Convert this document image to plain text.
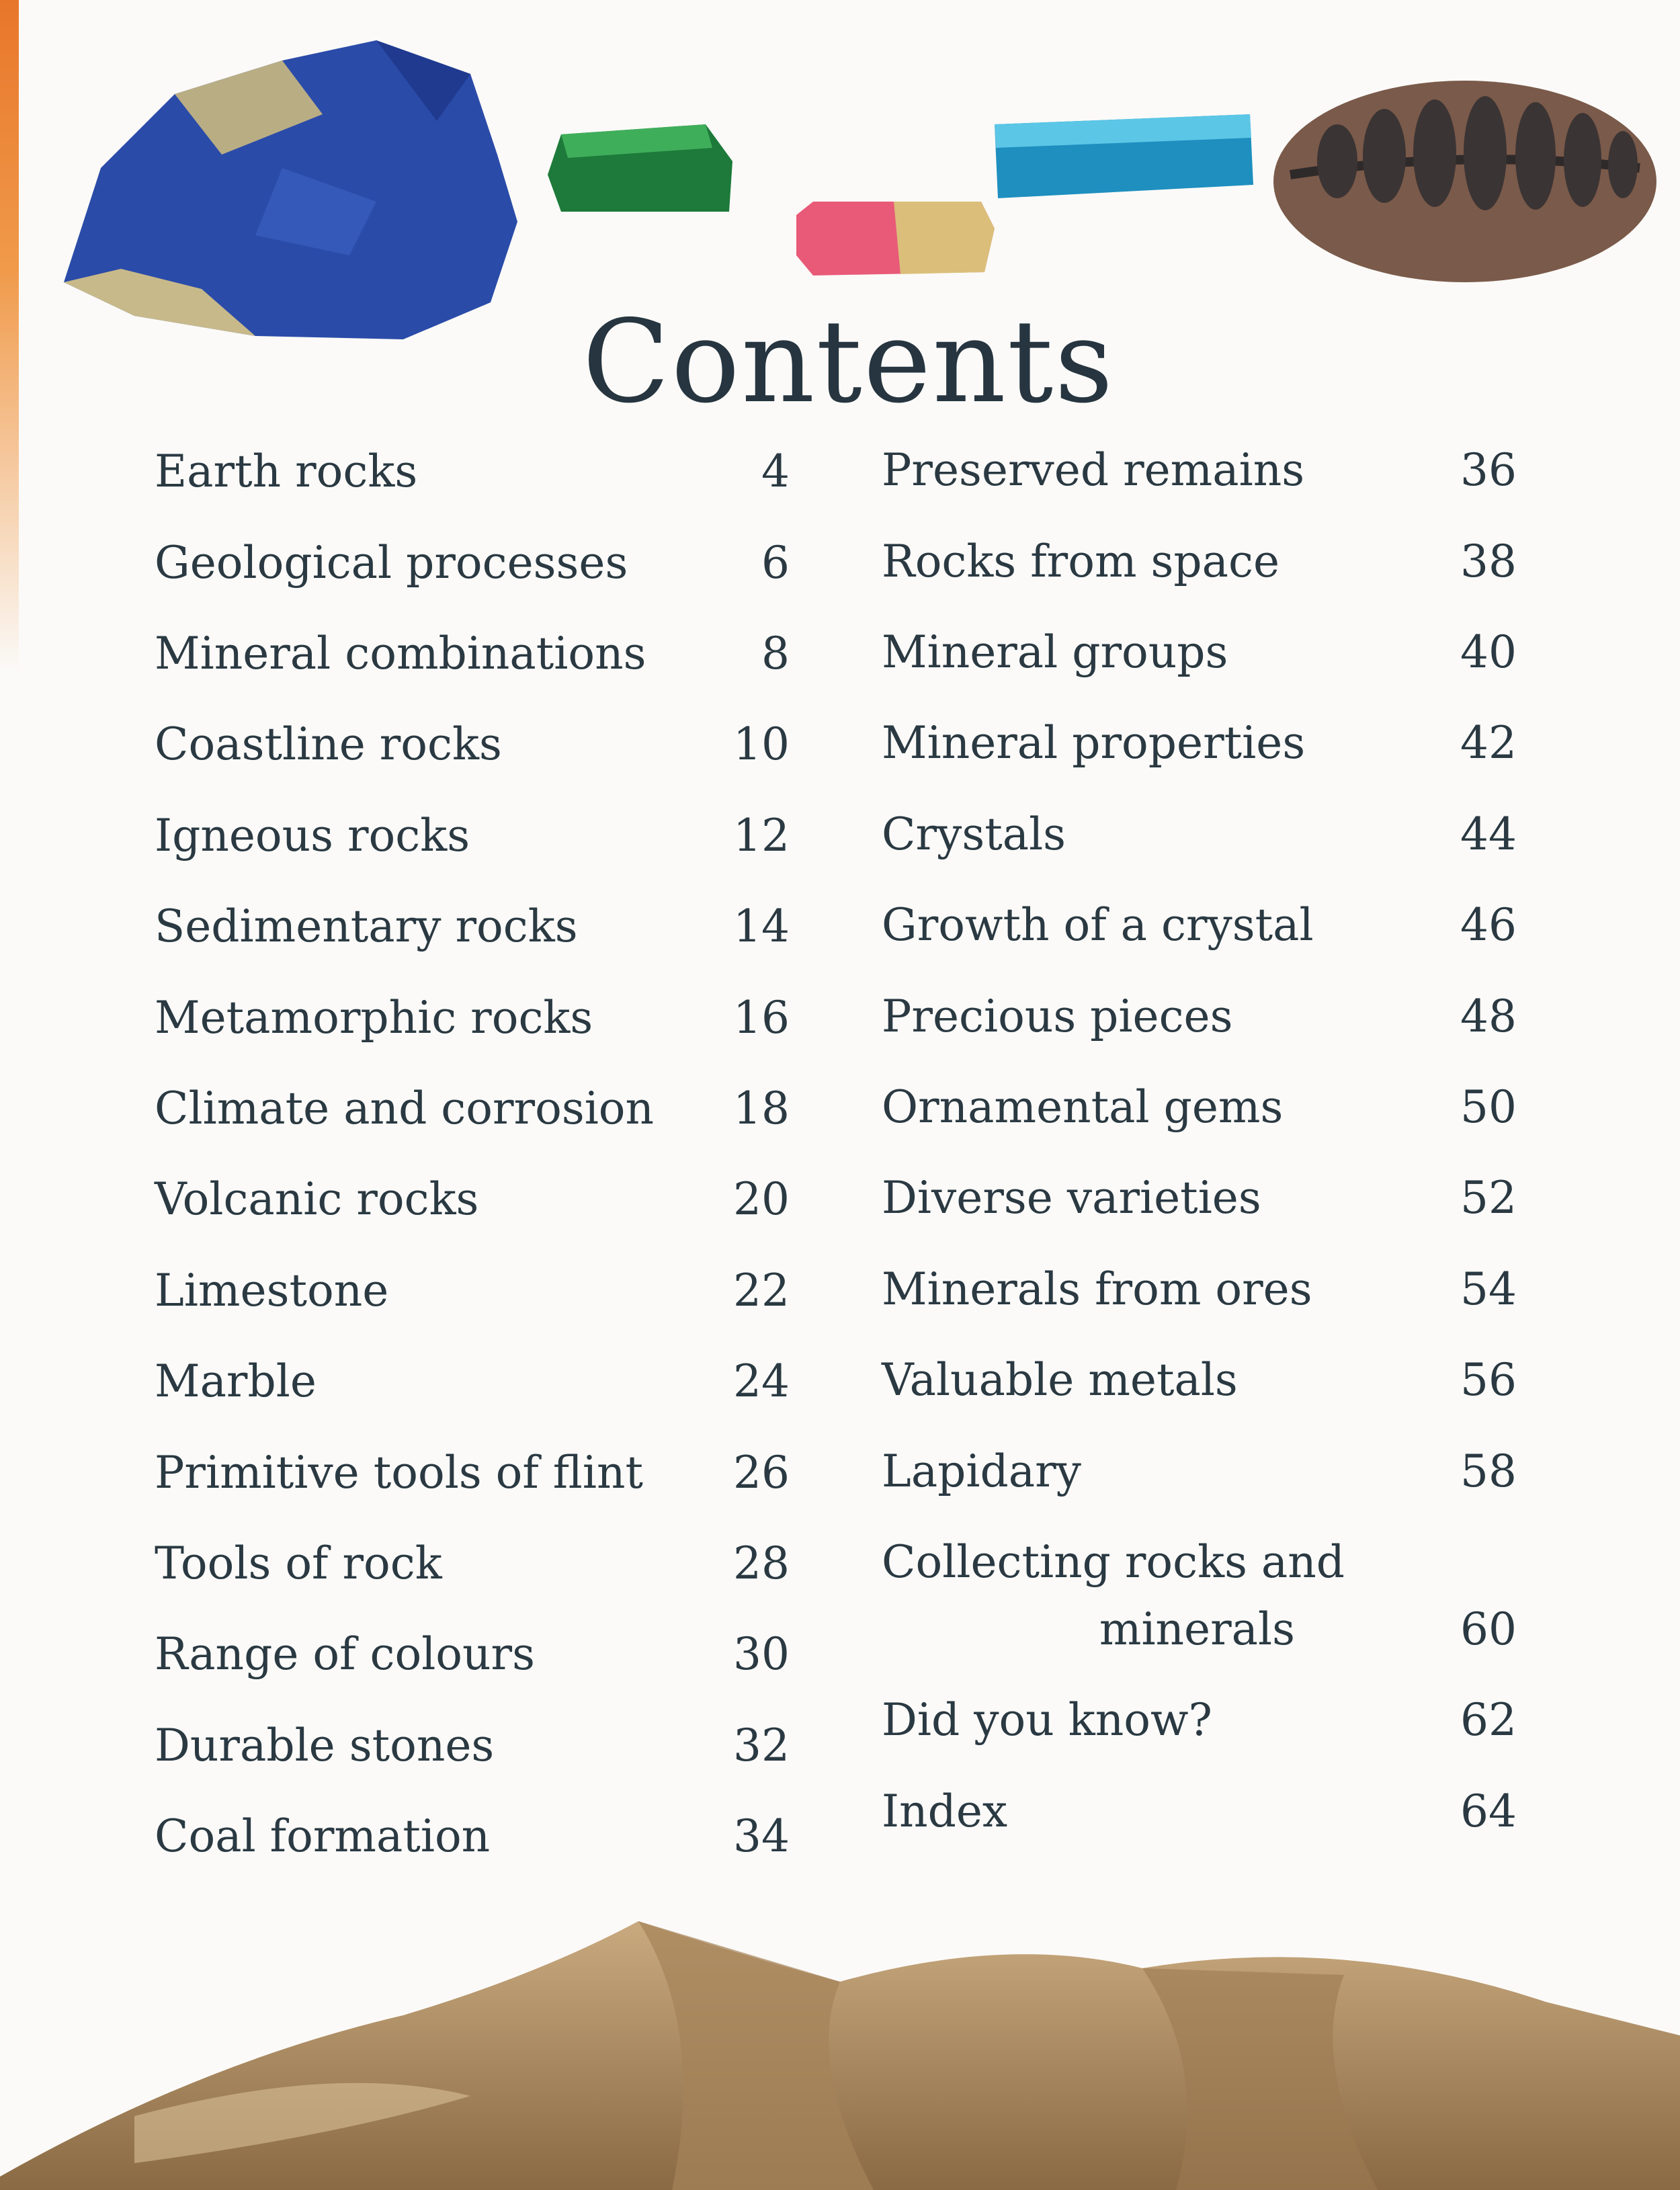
Contents
Earth rocks	4
Geological processes	6
Mineral combinations	8
Coastline rocks	10
Igneous rocks	12
Sedimentary rocks	14
Metamorphic rocks	16
Climate and corrosion 18
Volcanic rocks	20
Limestone	22
Marble	24
Primitive tools of flint 26
Tools of rock	28
Range of colours	30
Durable stones	32
Coal formation	34
Preserved remains	36
Rocks from space	38
Mineral groups	40
Mineral properties	42
Crystals	44
Growth of a crystal	46
Precious pieces	48
Ornamental gems	50
Diverse varieties	52
Minerals from ores	54
Valuable metals	56
Lapidary	58
Collecting rocks and
minerals	60
Did you know?	62
Index	64
